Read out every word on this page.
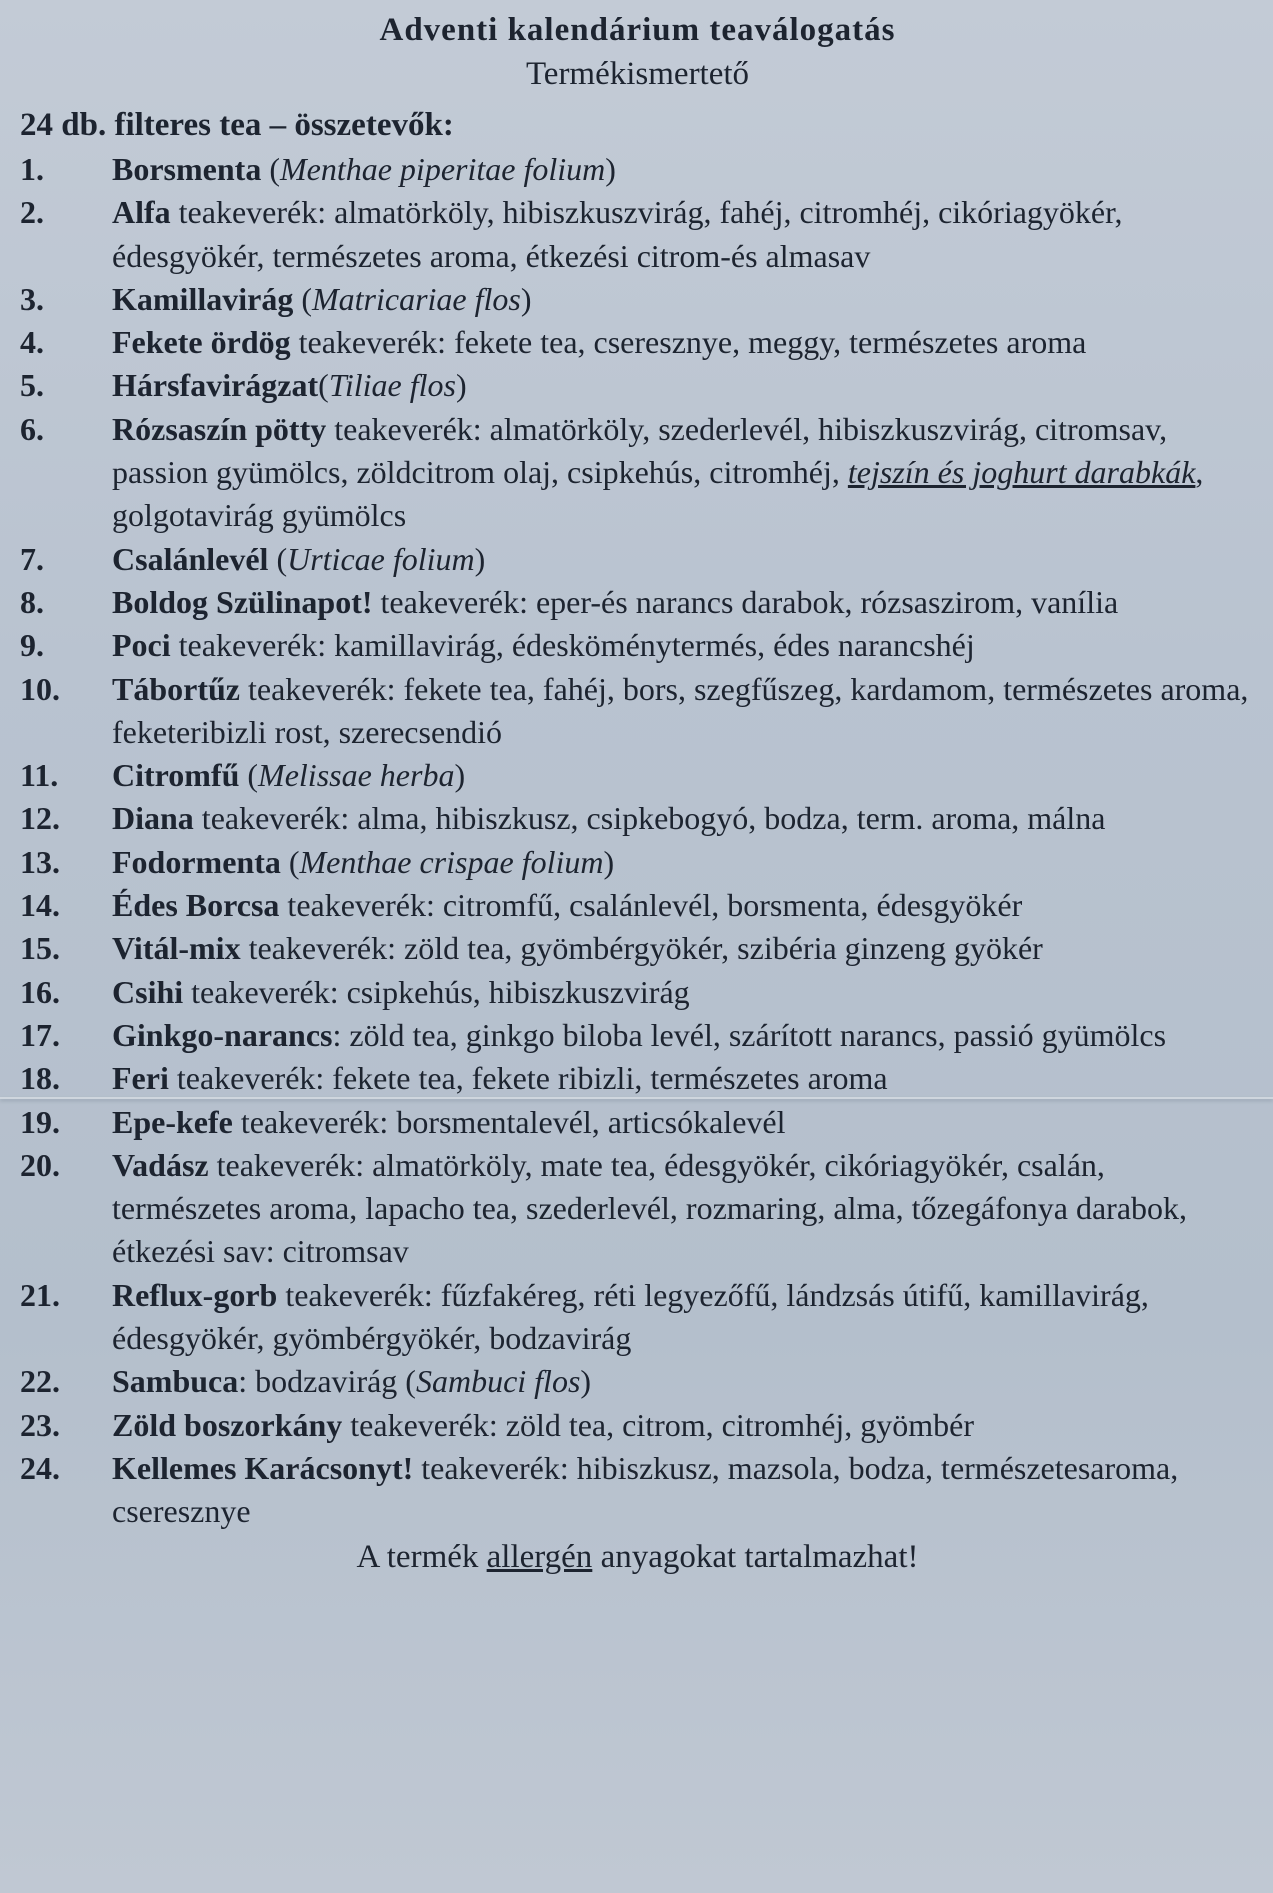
Adventi kalendárium teaválogatás
Termékismertető
24 db. filteres tea – összetevők:
1.	Borsmenta (Menthae piperitae folium)
2.	Alfa teakeverék: almatörköly, hibiszkuszvirág, fahéj, citromhéj, cikóriagyökér, édesgyökér, természetes aroma, étkezési citrom-és almasav
3.	Kamillavirág (Matricariae flos)
4.	Fekete ördög teakeverék: fekete tea, cseresznye, meggy, természetes aroma
5.	Hársfavirágzat(Tiliae flos)
6.	Rózsaszín pötty teakeverék: almatörköly, szederlevél, hibiszkuszvirág, citromsav, passion gyümölcs, zöldcitrom olaj, csipkehús, citromhéj, tejszín és joghurt darabkák, golgotavirág gyümölcs
7.	Csalánlevél (Urticae folium)
8.	Boldog Szülinapot! teakeverék: eper-és narancs darabok, rózsaszirom, vanília
9.	Poci teakeverék: kamillavirág, édesköménytermés, édes narancshéj
10.	Tábortűz teakeverék: fekete tea, fahéj, bors, szegfűszeg, kardamom, természetes aroma, feketeribizli rost, szerecsendió
11.	Citromfű (Melissae herba)
12.	Diana teakeverék: alma, hibiszkusz, csipkebogyó, bodza, term. aroma, málna
13.	Fodormenta (Menthae crispae folium)
14.	Édes Borcsa teakeverék: citromfű, csalánlevél, borsmenta, édesgyökér
15.	Vitál-mix teakeverék: zöld tea, gyömbérgyökér, szibéria ginzeng gyökér
16.	Csihi teakeverék: csipkehús, hibiszkuszvirág
17.	Ginkgo-narancs: zöld tea, ginkgo biloba levél, szárított narancs, passió gyümölcs
18.	Feri teakeverék: fekete tea, fekete ribizli, természetes aroma
19.	Epe-kefe teakeverék: borsmentalevél, articsókalevél
20.	Vadász teakeverék: almatörköly, mate tea, édesgyökér, cikóriagyökér, csalán, természetes aroma, lapacho tea, szederlevél, rozmaring, alma, tőzegáfonya darabok, étkezési sav: citromsav
21.	Reflux-gorb teakeverék: fűzfakéreg, réti legyezőfű, lándzsás útifű, kamillavirág, édesgyökér, gyömbérgyökér, bodzavirág
22.	Sambuca: bodzavirág (Sambuci flos)
23.	Zöld boszorkány teakeverék: zöld tea, citrom, citromhéj, gyömbér
24.	Kellemes Karácsonyt! teakeverék: hibiszkusz, mazsola, bodza, természetesaroma, cseresznye

A termék allergén anyagokat tartalmazhat!
